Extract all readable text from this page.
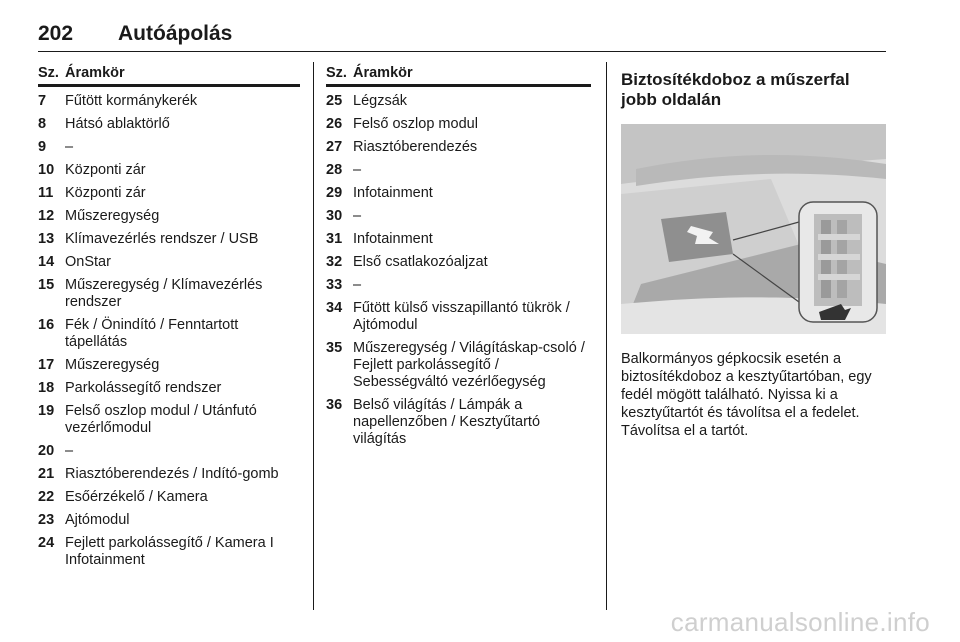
202 Autóápolás
Sz. Áramkör
7	Fűtött kormánykerék
8	Hátsó ablaktörlő
9	–
10 Központi zár
11 Központi zár
12 Műszeregység
13 Klímavezérlés rendszer / USB
14 OnStar
15 Műszeregység / Klímavezérlés rendszer
16 Fék / Önindító / Fenntartott tápellátás
17 Műszeregység
18 Parkolássegítő rendszer
19 Felső oszlop modul / Utánfutó vezérlőmodul
20 –
21 Riasztóberendezés / Indító-gomb
22 Esőérzékelő / Kamera
23 Ajtómodul
24 Fejlett parkolássegítő / Kamera I Infotainment
Sz. Áramkör
25 Légzsák
26 Felső oszlop modul
27 Riasztóberendezés
28 –
29 Infotainment
30 –
31 Infotainment
32 Első csatlakozóaljzat
33 –
34 Fűtött külső visszapillantó tükrök / Ajtómodul
35 Műszeregység / Világításkap-csoló / Fejlett parkolássegítő / Sebességváltó vezérlőegység
36 Belső világítás / Lámpák a napellenzőben / Kesztyűtartó világítás
Biztosítékdoboz a műszerfal jobb oldalán
Balkormányos gépkocsik esetén a biztosítékdoboz a kesztyűtartóban, egy fedél mögött található. Nyissa ki a kesztyűtartót és távolítsa el a fedelet. Távolítsa el a tartót.
carmanualsonline.info
